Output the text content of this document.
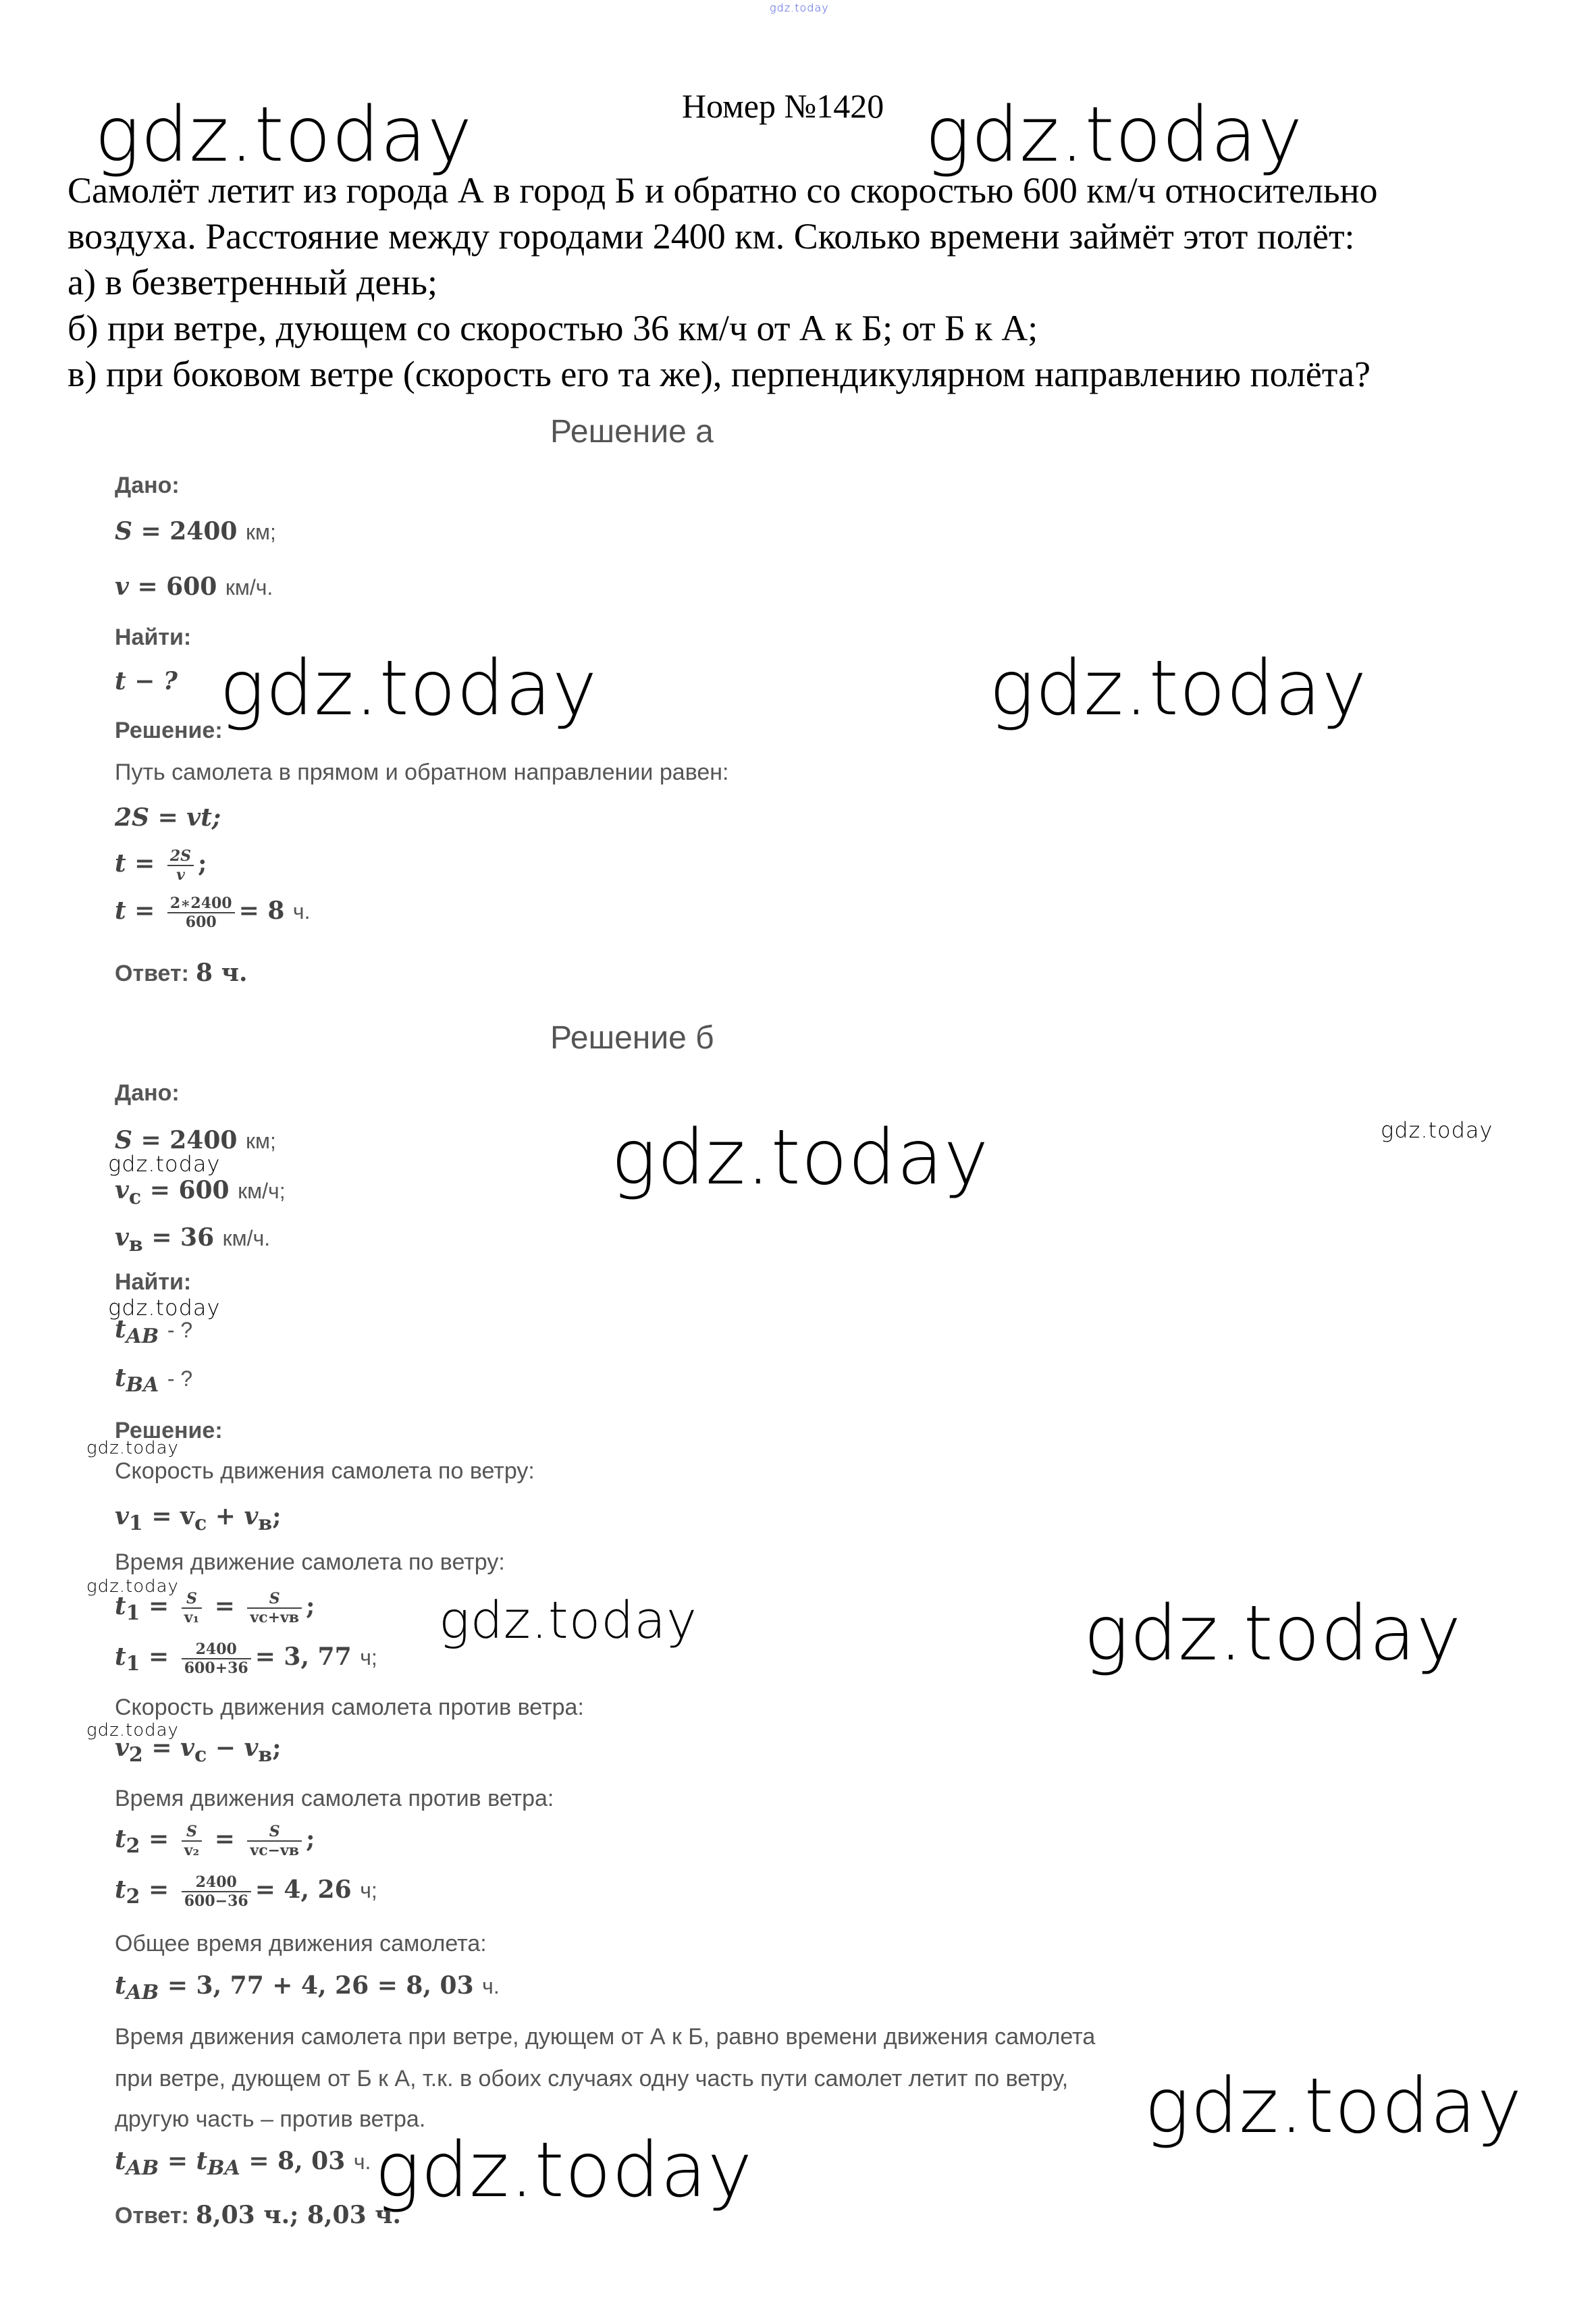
gdz.today
gdz.today	gdz.today
gdz.today	gdz.today
gdz.today	gdz.today
gdz.today
gdz.today
gdz.today
gdz.today
gdz.today	gdz.today
gdz.today
gdz.today
gdz.today
Номер №1420
Самолёт летит из города А в город Б и обратно со скоростью 600 км/ч относительно
воздуха. Расстояние между городами 2400 км. Сколько времени займёт этот полёт:
а) в безветренный день;
б) при ветре, дующем со скоростью 36 км/ч от А к Б; от Б к А;
в) при боковом ветре (скорость его та же), перпендикулярном направлению полёта?
Решение а
Дано:
S = 2400 км;
v = 600 км/ч.
Найти:
t − ?
Решение:
Путь самолета в прямом и обратном направлении равен:
2S = vt;
$t = \frac{2S}{v}$ ;
$t = \frac{2∗2400}{600} = 8$ ч.
Ответ: 8 ч.
Решение б
Дано:
S = 2400 км;
$v_с = 600$ км/ч;
$v_в = 36$ км/ч.
Найти:
$t_{AB}$ - ?
$t_{BA}$ - ?
Решение:
Скорость движения самолета по ветру:
$v_1 = v_с + v_в$;
Время движение самолета по ветру:
$t_1 = \frac{S}{\text{v₁}} = \frac{S}{vс+vв}$ ;
$t_1 = \frac{2400}{600+36} = 3$, 77 ч;
Скорость движения самолета против ветра:
$v_2 = v_с - v_в$;
Время движения самолета против ветра:
$t_2 = \frac{S}{\text{v₂}} = \frac{S}{vс-vв}$ ;
$t_2 = \frac{2400}{600-36} = 4$, 26 ч;
Общее время движения самолета:
$t_{AB} = 3$, 77 + 4, 26 = 8, 03 ч.
Время движения самолета при ветре, дующем от А к Б, равно времени движения самолета
при ветре, дующем от Б к А, т.к. в обоих случаях одну часть пути самолет летит по ветру,
другую часть – против ветра.
$t_{AB} = t_{BA} = 8$, 03 ч.
Ответ: 8,03 ч.; 8,03 ч.
